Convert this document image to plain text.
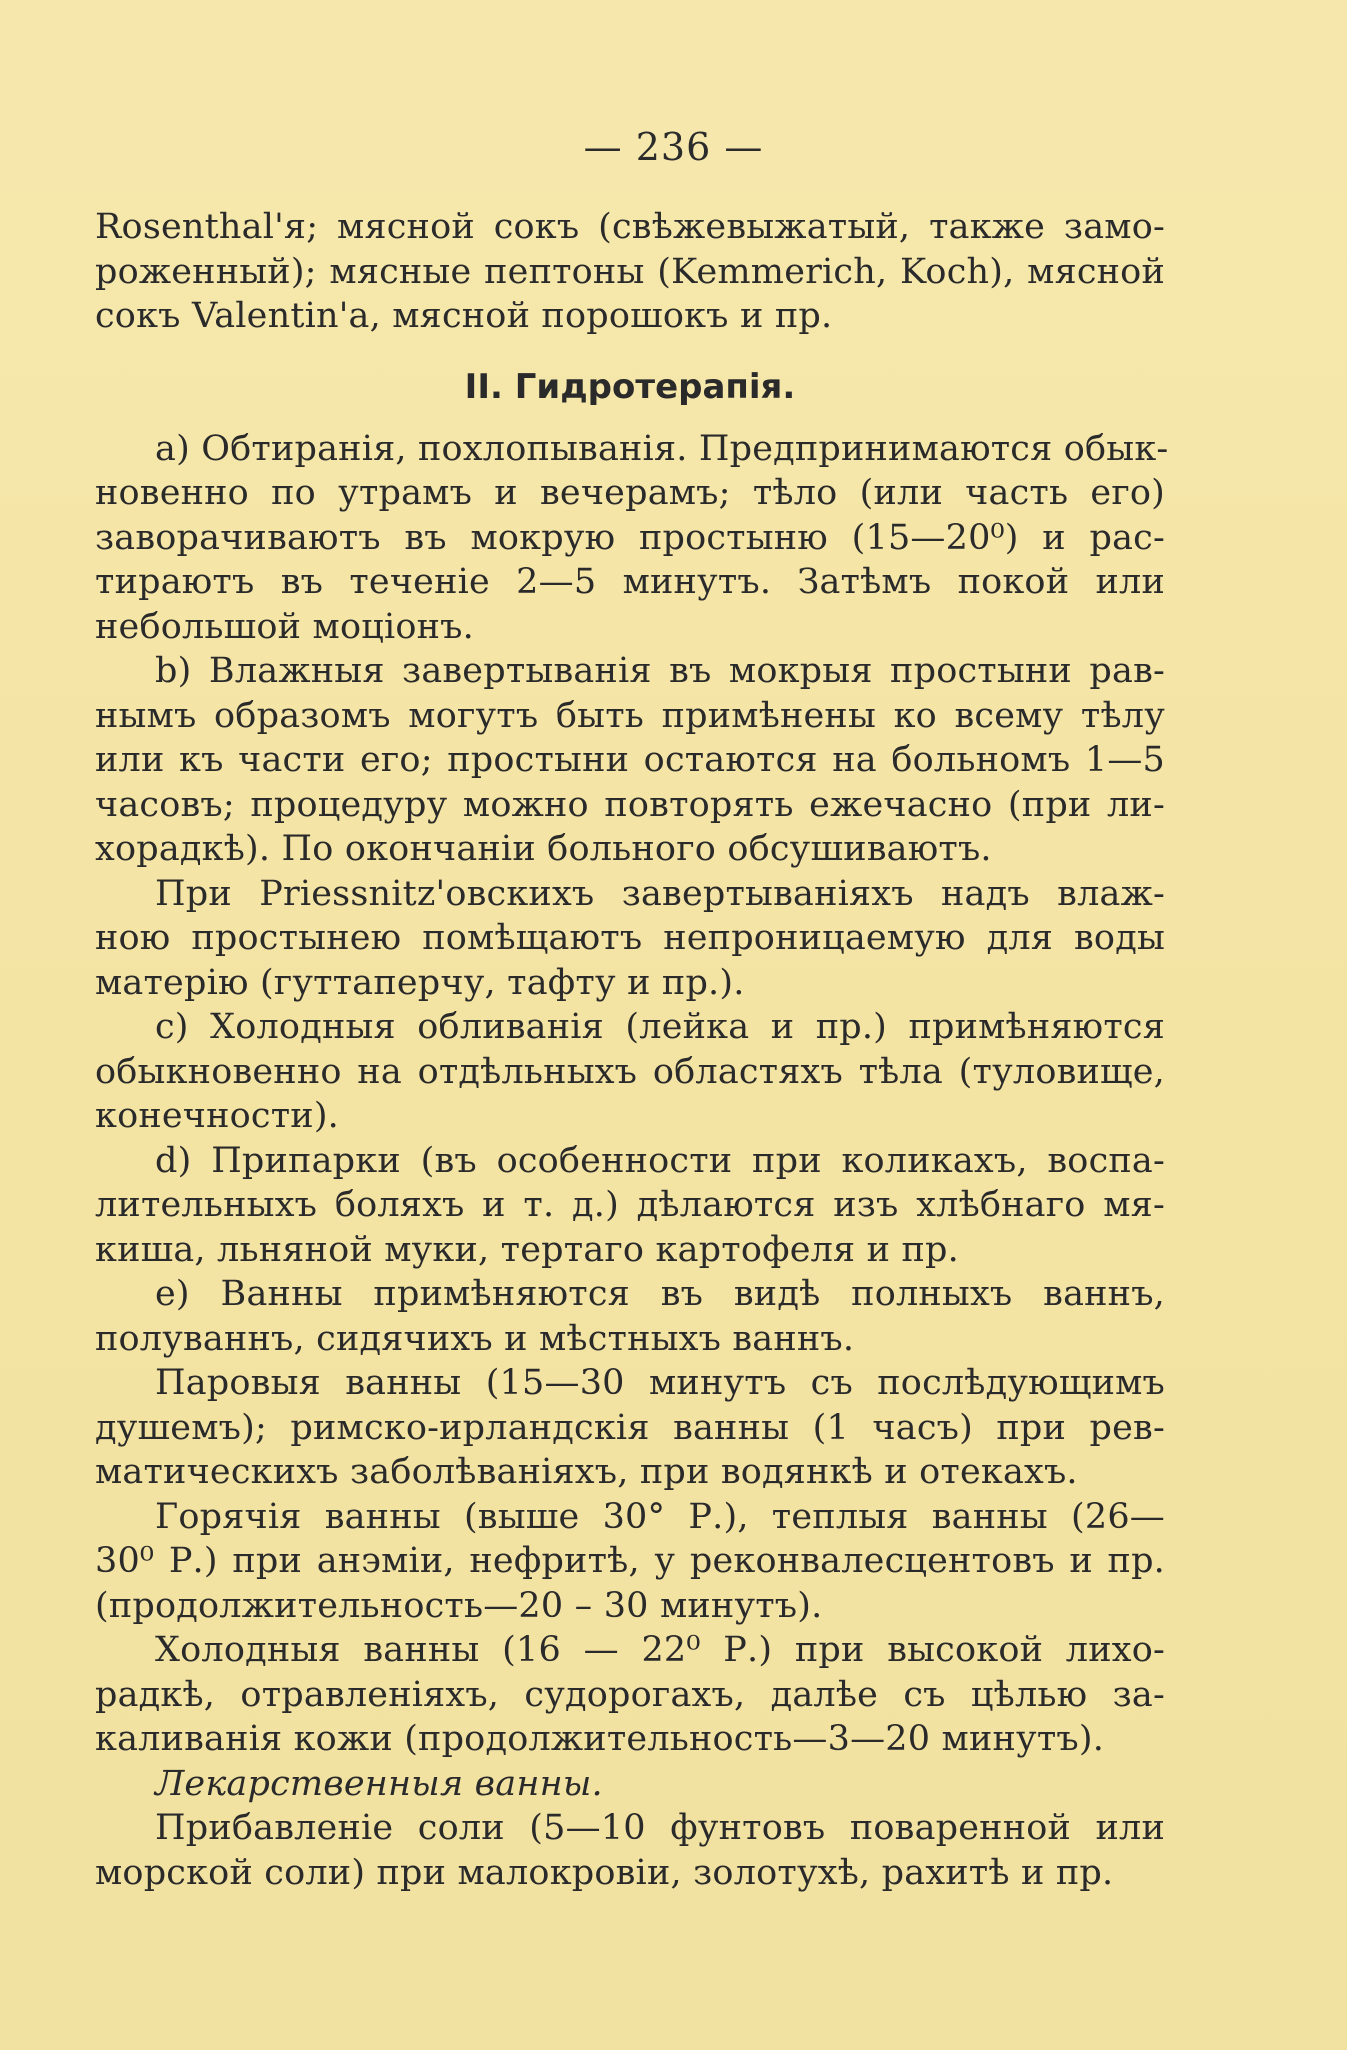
— 236 —
Rosenthal'я; мясной сокъ (свѣжевыжатый, также замо-
роженный); мясные пептоны (Kemmerich, Koch), мясной
сокъ Valentin'а, мясной порошокъ и пр.
II. Гидротерапія.
а) Обтиранія, похлопыванія. Предпринимаются обык-
новенно по утрамъ и вечерамъ; тѣло (или часть его)
заворачиваютъ въ мокрую простыню (15—20⁰) и рас-
тираютъ въ теченіе 2—5 минутъ. Затѣмъ покой или
небольшой моціонъ.
b) Влажныя завертыванія въ мокрыя простыни рав-
нымъ образомъ могутъ быть примѣнены ко всему тѣлу
или къ части его; простыни остаются на больномъ 1—5
часовъ; процедуру можно повторять ежечасно (при ли-
хорадкѣ). По окончаніи больного обсушиваютъ.
При Priessnitz'овскихъ завертываніяхъ надъ влаж-
ною простынею помѣщаютъ непроницаемую для воды
матерію (гуттаперчу, тафту и пр.).
c) Холодныя обливанія (лейка и пр.) примѣняются
обыкновенно на отдѣльныхъ областяхъ тѣла (туловище,
конечности).
d) Припарки (въ особенности при коликахъ, воспа-
лительныхъ боляхъ и т. д.) дѣлаются изъ хлѣбнаго мя-
киша, льняной муки, тертаго картофеля и пр.
e) Ванны примѣняются въ видѣ полныхъ ваннъ,
полуваннъ, сидячихъ и мѣстныхъ ваннъ.
Паровыя ванны (15—30 минутъ съ послѣдующимъ
душемъ); римско-ирландскія ванны (1 часъ) при рев-
матическихъ заболѣваніяхъ, при водянкѣ и отекахъ.
Горячія ванны (выше 30° Р.), теплыя ванны (26—
30⁰ Р.) при анэміи, нефритѣ, у реконвалесцентовъ и пр.
(продолжительность—20 – 30 минутъ).
Холодныя ванны (16 — 22⁰ Р.) при высокой лихо-
радкѣ, отравленіяхъ, судорогахъ, далѣе съ цѣлью за-
каливанія кожи (продолжительность—3—20 минутъ).
Лекарственныя ванны.
Прибавленіе соли (5—10 фунтовъ поваренной или
морской соли) при малокровіи, золотухѣ, рахитѣ и пр.
